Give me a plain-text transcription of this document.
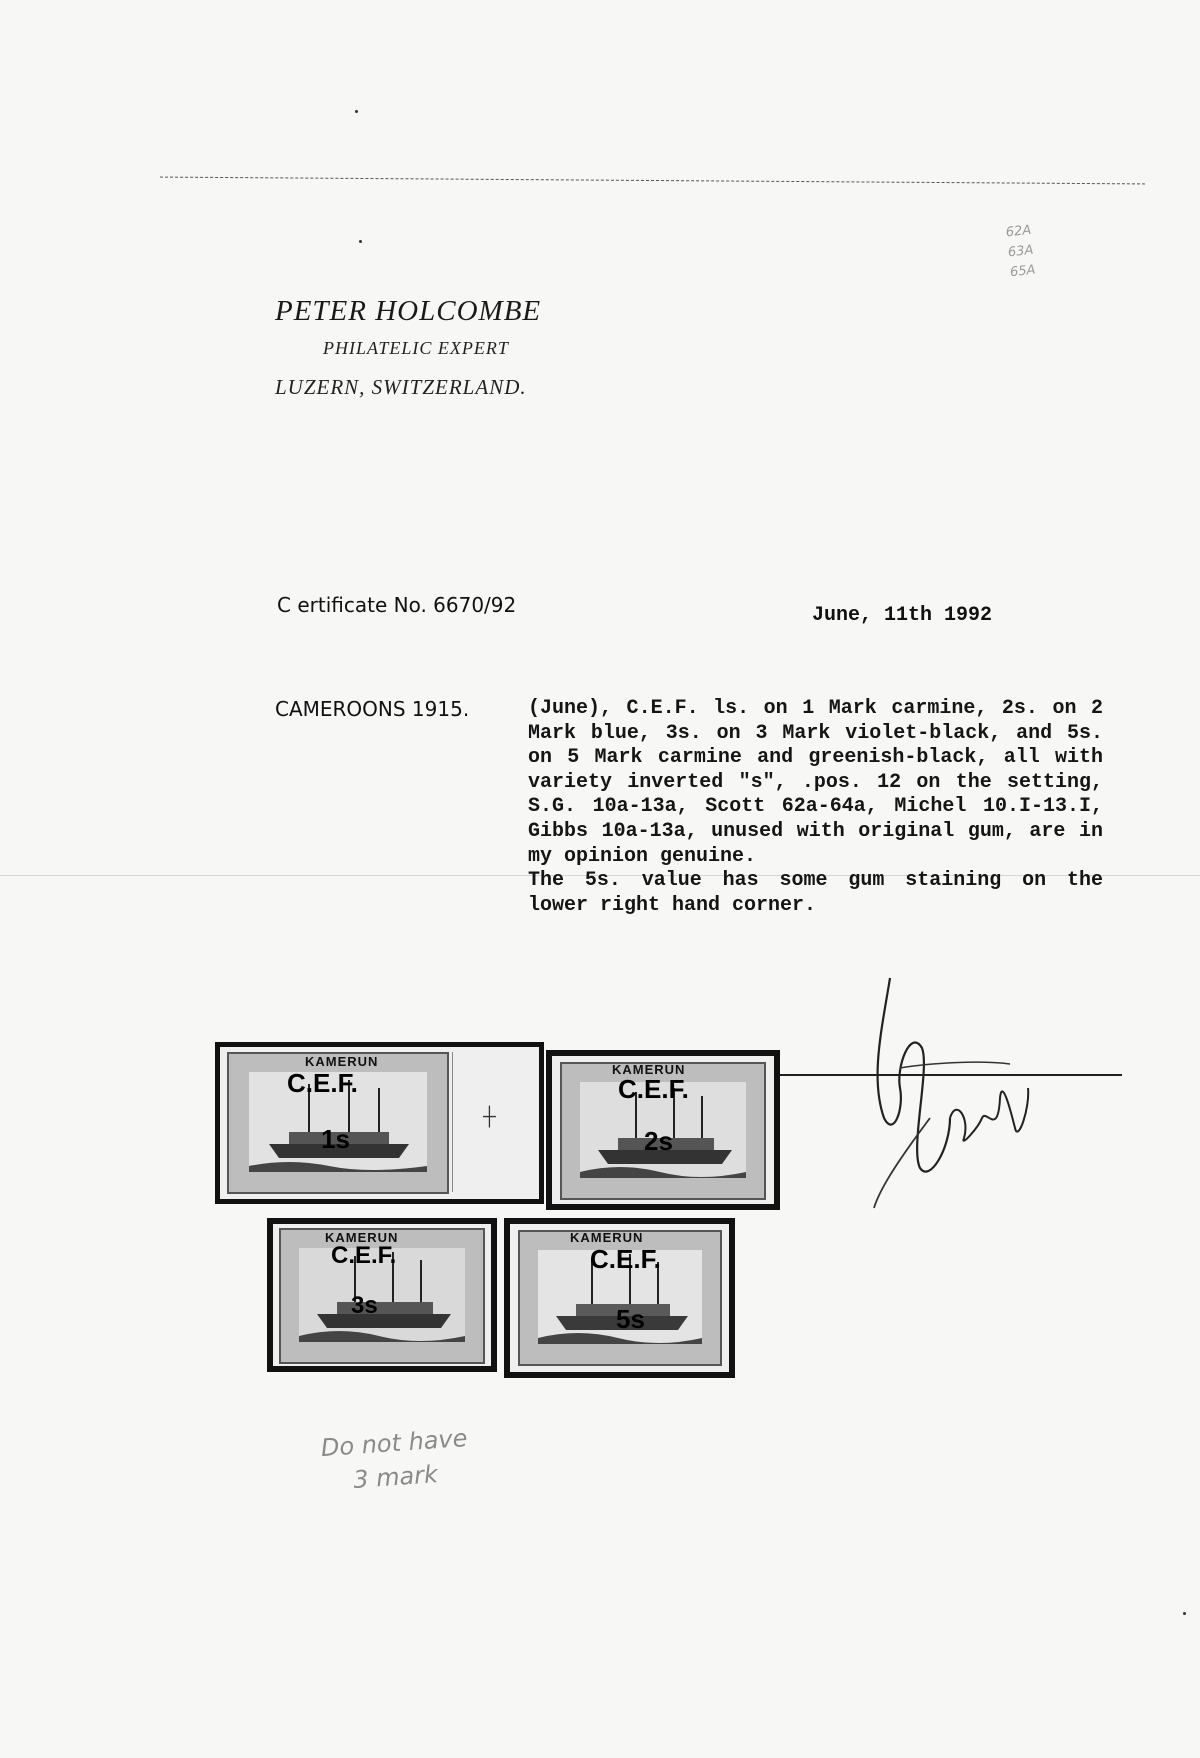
PETER HOLCOMBE
PHILATELIC EXPERT
LUZERN, SWITZERLAND.
62A
63A
65A
C ertificate No. 6670/92	June, 11th 1992
CAMEROONS 1915.	(June), C.E.F. ls. on 1 Mark carmine, 2s. on 2 Mark blue, 3s. on 3 Mark violet-black, and 5s. on 5 Mark carmine and greenish-black, all with variety inverted "s", .pos. 12 on the setting, S.G. 10a-13a, Scott 62a-64a, Michel 10.I-13.I, Gibbs 10a-13a, unused with original gum, are in my opinion genuine.

The 5s. value has some gum staining on the lower right hand corner.

KAMERUN
C.E.F.
1s
┼
KAMERUN
C.E.F.
2s
KAMERUN
C.E.F.
3s
KAMERUN
C.E.F.
5s
Do not have
3 mark
